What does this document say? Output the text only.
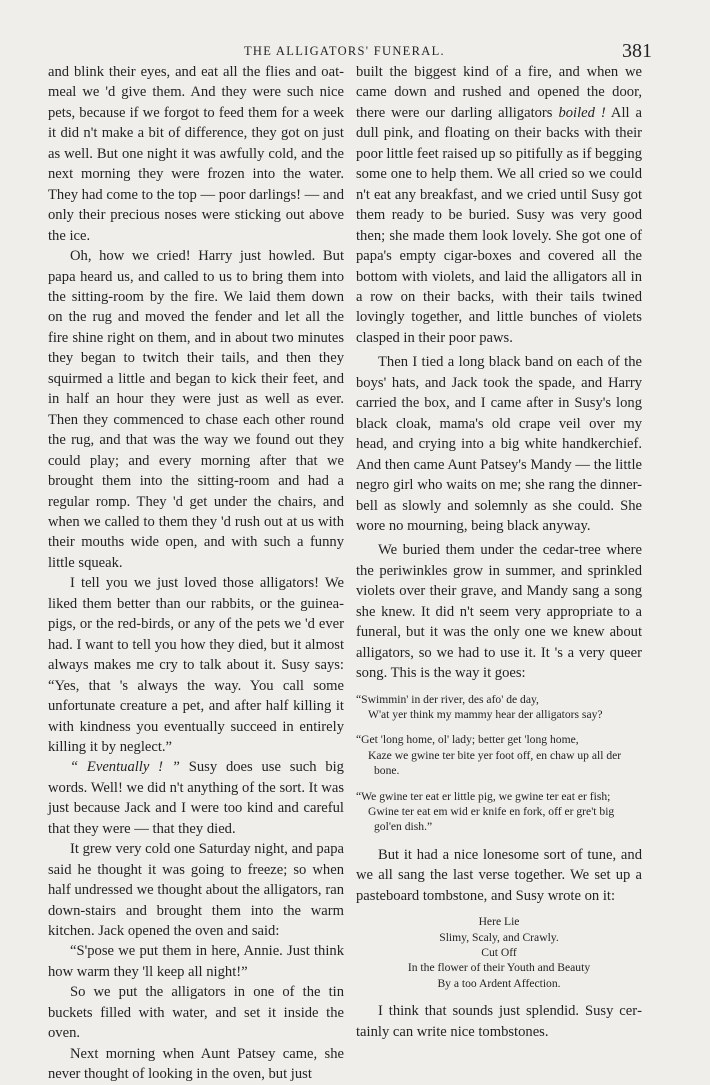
THE ALLIGATORS' FUNERAL.	381

and blink their eyes, and eat all the flies and oatmeal we 'd give them. And they were such nice pets, because if we forgot to feed them for a week it did n't make a bit of difference, they got on just as well. But one night it was awfully cold, and the next morning they were frozen into the water. They had come to the top — poor darlings! — and only their precious noses were sticking out above the ice.

Oh, how we cried! Harry just howled. But papa heard us, and called to us to bring them into the sitting-room by the fire. We laid them down on the rug and moved the fender and let all the fire shine right on them, and in about two minutes they began to twitch their tails, and then they squirmed a little and began to kick their feet, and in half an hour they were just as well as ever. Then they commenced to chase each other round the rug, and that was the way we found out they could play; and every morning after that we brought them into the sitting-room and had a regular romp. They 'd get under the chairs, and when we called to them they 'd rush out at us with their mouths wide open, and with such a funny little squeak.

I tell you we just loved those alligators! We liked them better than our rabbits, or the guinea-pigs, or the red-birds, or any of the pets we 'd ever had. I want to tell you how they died, but it almost always makes me cry to talk about it. Susy says: “Yes, that 's always the way. You call some unfortunate creature a pet, and after half killing it with kindness you eventually succeed in entirely killing it by neglect.”

“ Eventually ! ” Susy does use such big words. Well! we did n't anything of the sort. It was just because Jack and I were too kind and careful that they were — that they died.

It grew very cold one Saturday night, and papa said he thought it was going to freeze; so when half undressed we thought about the alligators, ran down-stairs and brought them into the warm kitchen. Jack opened the oven and said:

“S'pose we put them in here, Annie. Just think how warm they 'll keep all night!”

So we put the alligators in one of the tin buckets filled with water, and set it inside the oven.

Next morning when Aunt Patsey came, she never thought of looking in the oven, but just

built the biggest kind of a fire, and when we came down and rushed and opened the door, there were our darling alligators boiled ! All a dull pink, and floating on their backs with their poor little feet raised up so pitifully as if begging some one to help them. We all cried so we could n't eat any breakfast, and we cried until Susy got them ready to be buried. Susy was very good then; she made them look lovely. She got one of papa's empty cigar-boxes and covered all the bottom with violets, and laid the alligators all in a row on their backs, with their tails twined lovingly together, and little bunches of violets clasped in their poor paws.

Then I tied a long black band on each of the boys' hats, and Jack took the spade, and Harry carried the box, and I came after in Susy's long black cloak, mama's old crape veil over my head, and crying into a big white handkerchief. And then came Aunt Patsey's Mandy — the little negro girl who waits on me; she rang the dinner-bell as slowly and solemnly as she could. She wore no mourning, being black anyway.

We buried them under the cedar-tree where the periwinkles grow in summer, and sprinkled violets over their grave, and Mandy sang a song she knew. It did n't seem very appropriate to a funeral, but it was the only one we knew about alligators, so we had to use it. It 's a very queer song. This is the way it goes:

“Swimmin' in der river, des afo' de day,
W'at yer think my mammy hear der alligators say?
“Get 'long home, ol' lady; better get 'long home,
Kaze we gwine ter bite yer foot off, en chaw up all der bone.
“We gwine ter eat er little pig, we gwine ter eat er fish;
Gwine ter eat em wid er knife en fork, off er gre't big gol'en dish.”

But it had a nice lonesome sort of tune, and we all sang the last verse together. We set up a pasteboard tombstone, and Susy wrote on it:

Here Lie
Slimy, Scaly, and Crawly.
Cut Off
In the flower of their Youth and Beauty
By a too Ardent Affection.

I think that sounds just splendid. Susy certainly can write nice tombstones.
